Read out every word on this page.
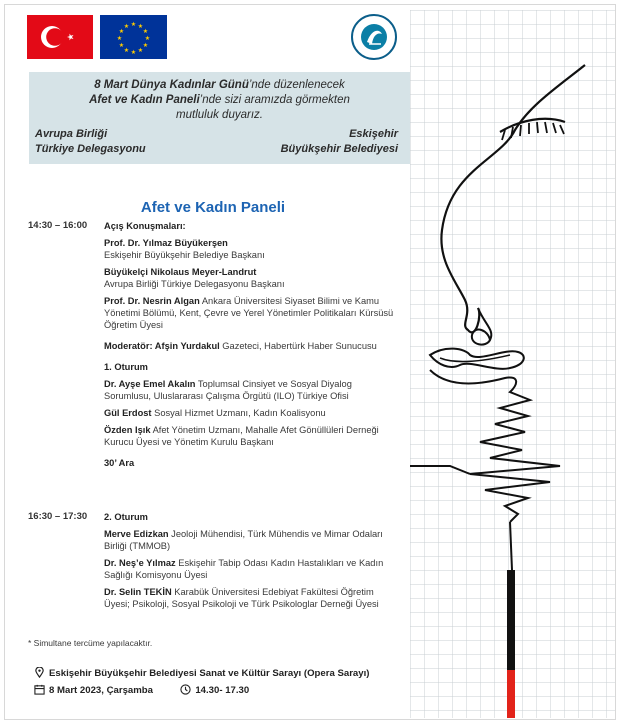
★ ★
★
★
★
★
★
★
★
★
★
★
8 Mart Dünya Kadınlar Günü’nde düzenlenecek
Afet ve Kadın Paneli’nde sizi aramızda görmekten
mutluluk duyarız.
Avrupa Birliği
Türkiye Delegasyonu
Eskişehir
Büyükşehir Belediyesi
Afet ve Kadın Paneli
14:30 – 16:00 Açış Konuşmaları:
Prof. Dr. Yılmaz Büyükerşen
Eskişehir Büyükşehir Belediye Başkanı
Büyükelçi Nikolaus Meyer-Landrut
Avrupa Birliği Türkiye Delegasyonu Başkanı
Prof. Dr. Nesrin Algan Ankara Üniversitesi Siyaset Bilimi ve Kamu Yönetimi Bölümü, Kent, Çevre ve Yerel Yönetimler Politikaları Kürsüsü Öğretim Üyesi
Moderatör: Afşin Yurdakul Gazeteci, Habertürk Haber Sunucusu
1. Oturum
Dr. Ayşe Emel Akalın Toplumsal Cinsiyet ve Sosyal Diyalog Sorumlusu, Uluslararası Çalışma Örgütü (ILO) Türkiye Ofisi
Gül Erdost Sosyal Hizmet Uzmanı, Kadın Koalisyonu
Özden Işık Afet Yönetim Uzmanı, Mahalle Afet Gönüllüleri Derneği Kurucu Üyesi ve Yönetim Kurulu Başkanı
30’ Ara
16:30 – 17:30 2. Oturum
Merve Edizkan Jeoloji Mühendisi, Türk Mühendis ve Mimar Odaları Birliği (TMMOB)
Dr. Neş’e Yılmaz Eskişehir Tabip Odası Kadın Hastalıkları ve Kadın Sağlığı Komisyonu Üyesi
Dr. Selin TEKİN Karabük Üniversitesi Edebiyat Fakültesi Öğretim Üyesi; Psikoloji, Sosyal Psikoloji ve Türk Psikologlar Derneği Üyesi
* Simultane tercüme yapılacaktır.
Eskişehir Büyükşehir Belediyesi Sanat ve Kültür Sarayı (Opera Sarayı)
8 Mart 2023, Çarşamba	14.30- 17.30
